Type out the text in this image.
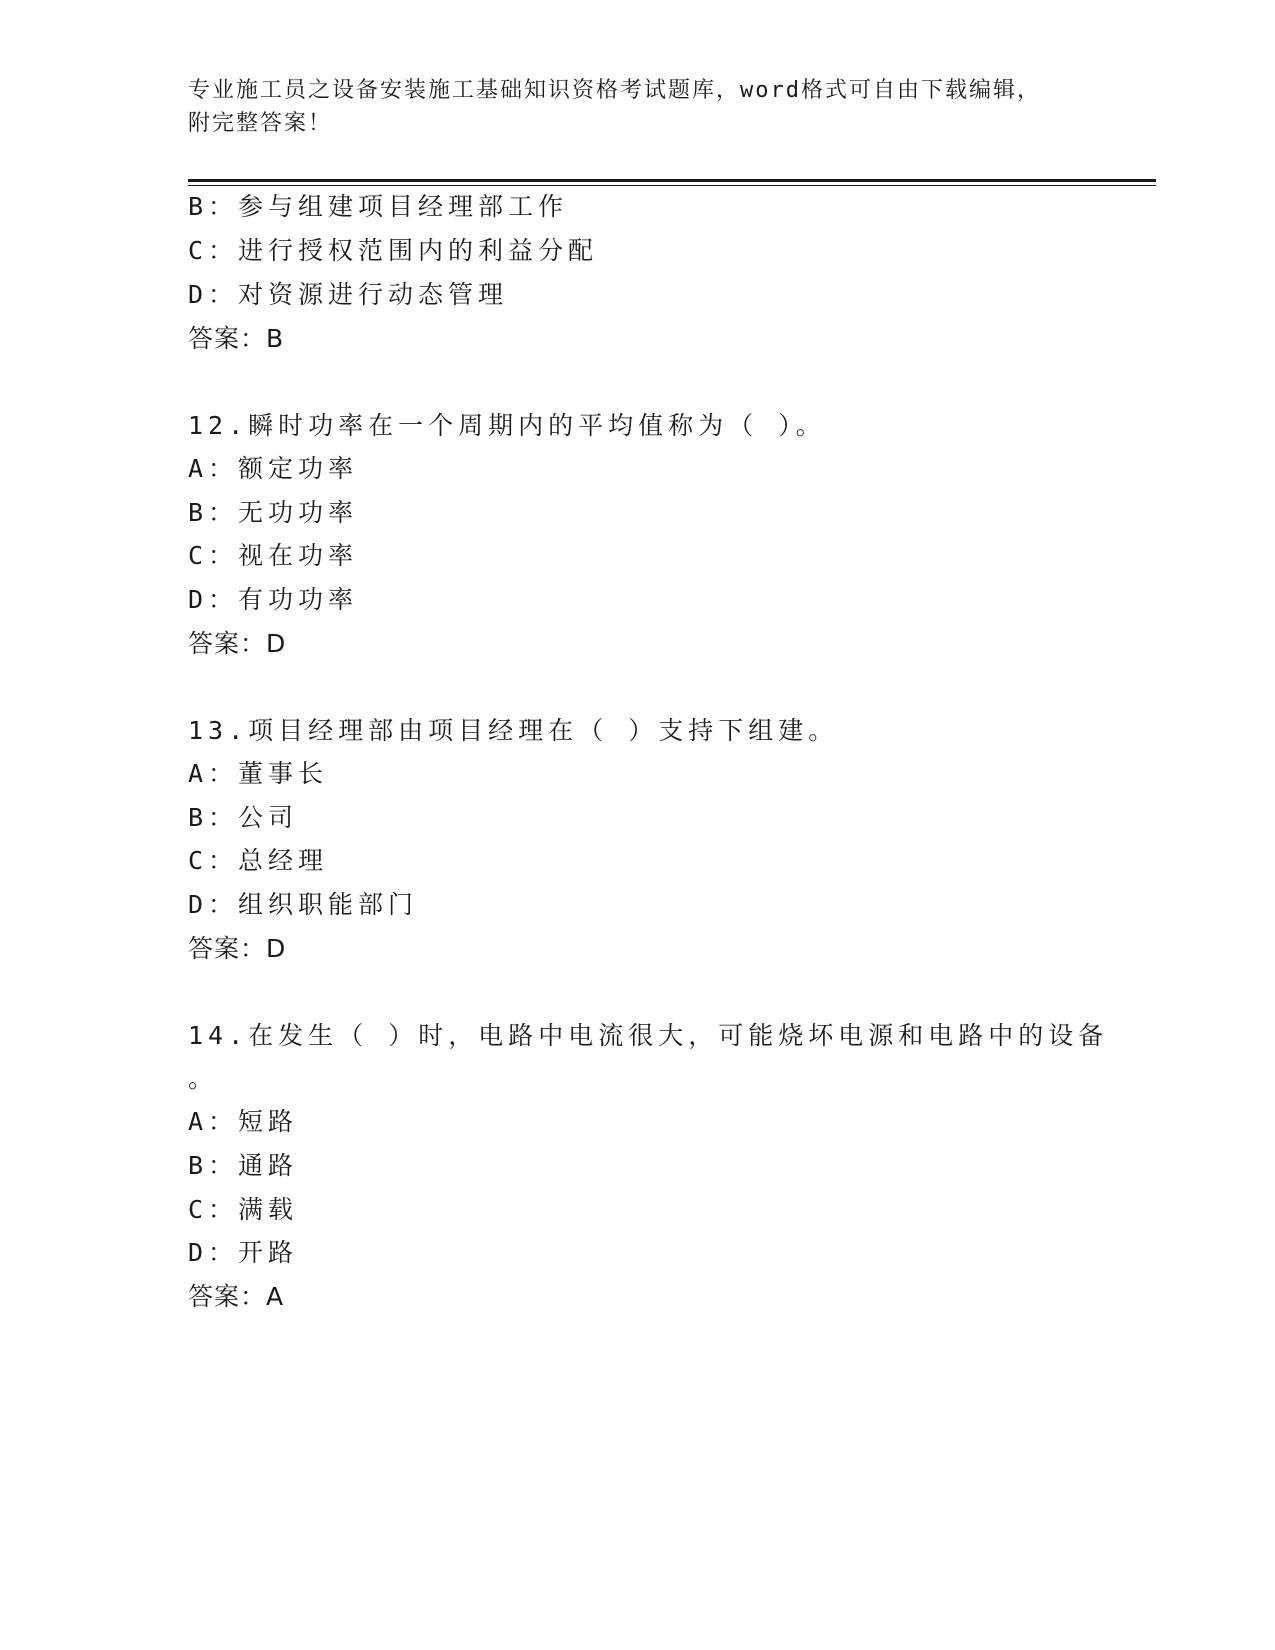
专业施工员之设备安装施工基础知识资格考试题库，word格式可自由下载编辑，
附完整答案！
B：参与组建项目经理部工作
C：进行授权范围内的利益分配
D：对资源进行动态管理
答案：B
12.瞬时功率在一个周期内的平均值称为（ ）。
A：额定功率
B：无功功率
C：视在功率
D：有功功率
答案：D
13.项目经理部由项目经理在（ ）支持下组建。
A：董事长
B：公司
C：总经理
D：组织职能部门
答案：D
14.在发生（ ）时，电路中电流很大，可能烧坏电源和电路中的设备
。
A：短路
B：通路
C：满载
D：开路
答案：A
